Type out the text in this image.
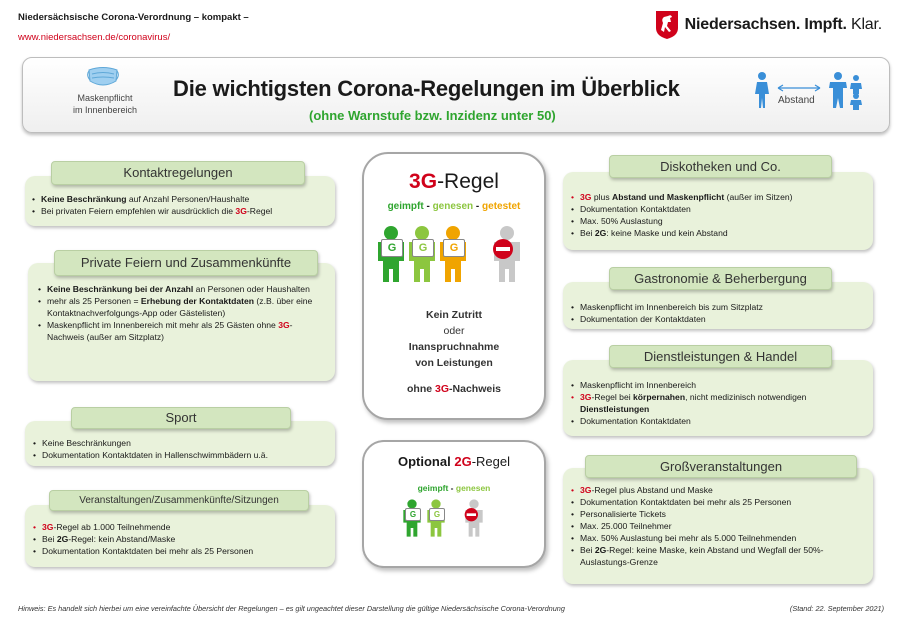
Niedersächsische Corona-Verordnung – kompakt –
www.niedersachsen.de/coronavirus/
Niedersachsen. Impft. Klar.
Maskenpflicht
im Innenbereich
Die wichtigsten Corona-Regelungen im Überblick
(ohne Warnstufe bzw. Inzidenz unter 50)
Abstand
Kontaktregelungen
• Keine Beschränkung auf Anzahl Personen/Haushalte
• Bei privaten Feiern empfehlen wir ausdrücklich die 3G-Regel
Private Feiern und Zusammenkünfte
• Keine Beschränkung bei der Anzahl an Personen oder Haushalten
• mehr als 25 Personen = Erhebung der Kontaktdaten (z.B. über eine Kontaktnachverfolgungs-App oder Gästelisten)
• Maskenpflicht im Innenbereich mit mehr als 25 Gästen ohne 3G-Nachweis (außer am Sitzplatz)
Sport
• Keine Beschränkungen
• Dokumentation Kontaktdaten in Hallenschwimmbädern u.ä.
Veranstaltungen/Zusammenkünfte/Sitzungen
• 3G-Regel ab 1.000 Teilnehmende
• Bei 2G-Regel: kein Abstand/Maske
• Dokumentation Kontaktdaten bei mehr als 25 Personen
3G-Regel
geimpft - genesen - getestet
G	G	G
Kein Zutritt
oder
Inanspruchnahme
von Leistungen
ohne 3G-Nachweis
Optional 2G-Regel
geimpft - genesen
G	G
Diskotheken und Co.
• 3G plus Abstand und Maskenpflicht (außer im Sitzen)
• Dokumentation Kontaktdaten
• Max. 50% Auslastung
• Bei 2G: keine Maske und kein Abstand
Gastronomie & Beherbergung
• Maskenpflicht im Innenbereich bis zum Sitzplatz
• Dokumentation der Kontaktdaten
Dienstleistungen & Handel
• Maskenpflicht im Innenbereich
• 3G-Regel bei körpernahen, nicht medizinisch notwendigen Dienstleistungen
• Dokumentation Kontaktdaten
Großveranstaltungen
• 3G-Regel plus Abstand und Maske
• Dokumentation Kontaktdaten bei mehr als 25 Personen
• Personalisierte Tickets
• Max. 25.000 Teilnehmer
• Max. 50% Auslastung bei mehr als 5.000 Teilnehmenden
• Bei 2G-Regel: keine Maske, kein Abstand und Wegfall der 50%-Auslastungs-Grenze
Hinweis: Es handelt sich hierbei um eine vereinfachte Übersicht der Regelungen – es gilt ungeachtet dieser Darstellung die gültige Niedersächsische Corona-Verordnung	(Stand: 22. September 2021)
